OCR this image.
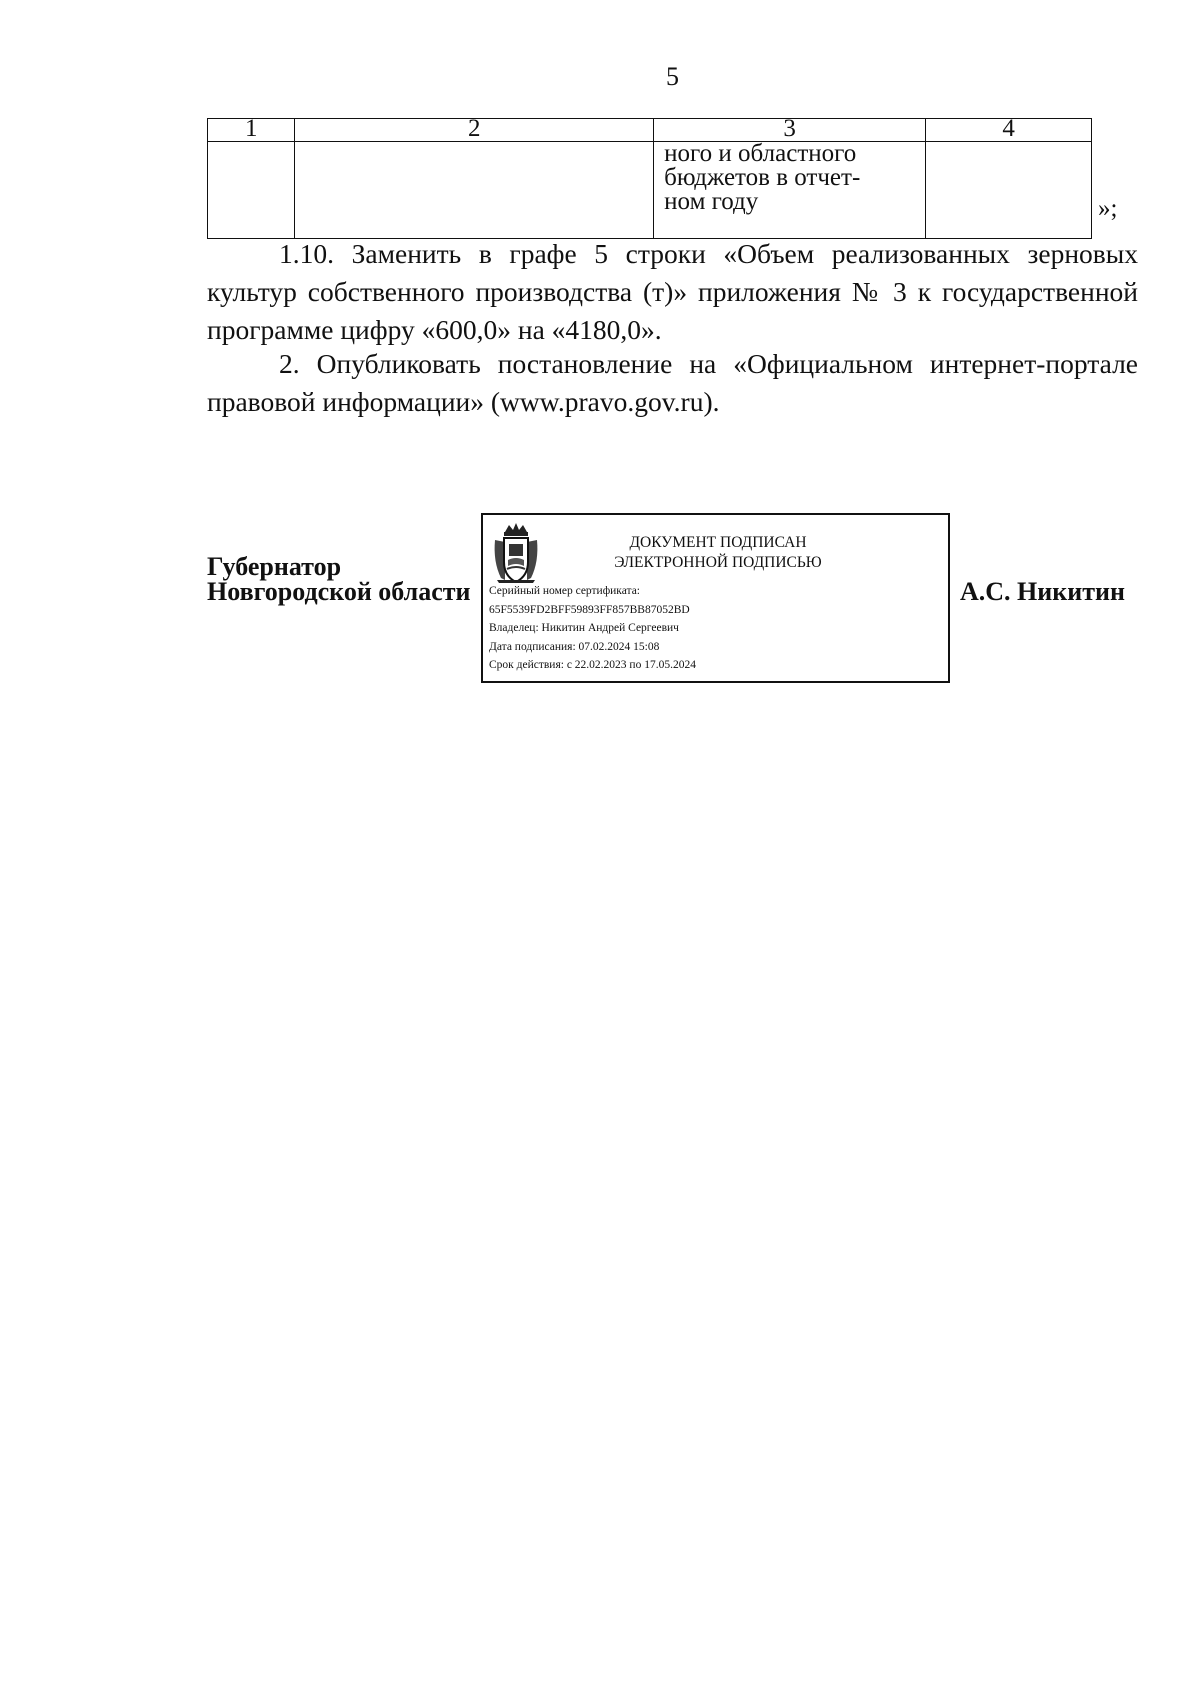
5
1	2	3	4

		ного и областного
бюджетов в отчет-
ном году	
		»;
1.10. Заменить в графе 5 строки «Объем реализованных зерновых
культур собственного производства (т)» приложения № 3 к государственной
программе цифру «600,0» на «4180,0».
2. Опубликовать постановление на «Официальном интернет-портале
правовой информации» (www.pravo.gov.ru).
Губернатор
Новгородской области
ДОКУМЕНТ ПОДПИСАН
ЭЛЕКТРОННОЙ ПОДПИСЬЮ
Серийный номер сертификата:
65F5539FD2BFF59893FF857BB87052BD
Владелец: Никитин Андрей Сергеевич
Дата подписания: 07.02.2024 15:08
Срок действия: с 22.02.2023 по 17.05.2024
А.С. Никитин
